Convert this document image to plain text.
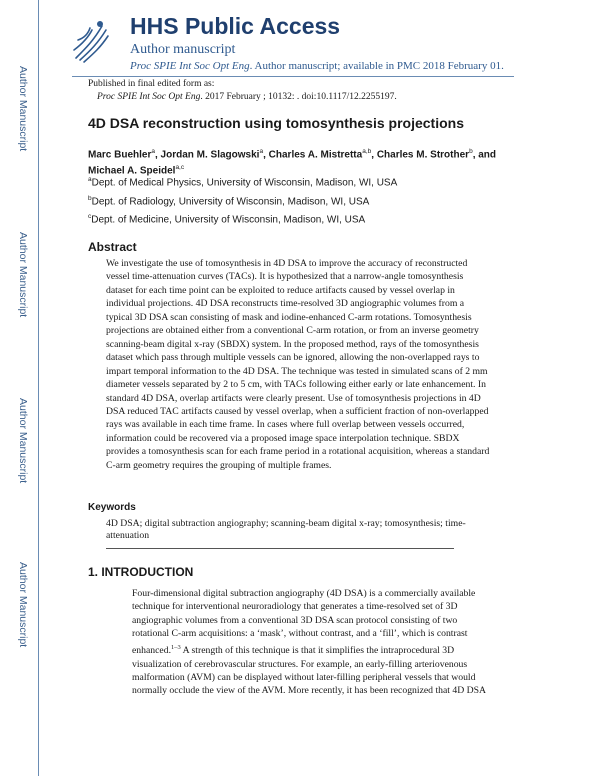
Author Manuscript
Author Manuscript
Author Manuscript
Author Manuscript
HHS Public Access
Author manuscript
Proc SPIE Int Soc Opt Eng. Author manuscript; available in PMC 2018 February 01.
Published in final edited form as:
Proc SPIE Int Soc Opt Eng. 2017 February ; 10132: . doi:10.1117/12.2255197.
4D DSA reconstruction using tomosynthesis projections
Marc Buehler$^a$, Jordan M. Slagowski$^a$, Charles A. Mistretta$^{a,b}$, Charles M. Strother$^b$, and Michael A. Speidel$^{a,c}$
$^a$Dept. of Medical Physics, University of Wisconsin, Madison, WI, USA
$^b$Dept. of Radiology, University of Wisconsin, Madison, WI, USA
$^c$Dept. of Medicine, University of Wisconsin, Madison, WI, USA
Abstract

We investigate the use of tomosynthesis in 4D DSA to improve the accuracy of reconstructed
vessel time-attenuation curves (TACs). It is hypothesized that a narrow-angle tomosynthesis
dataset for each time point can be exploited to reduce artifacts caused by vessel overlap in
individual projections. 4D DSA reconstructs time-resolved 3D angiographic volumes from a
typical 3D DSA scan consisting of mask and iodine-enhanced C-arm rotations. Tomosynthesis
projections are obtained either from a conventional C-arm rotation, or from an inverse geometry
scanning-beam digital x-ray (SBDX) system. In the proposed method, rays of the tomosynthesis
dataset which pass through multiple vessels can be ignored, allowing the non-overlapped rays to
impart temporal information to the 4D DSA. The technique was tested in simulated scans of 2 mm
diameter vessels separated by 2 to 5 cm, with TACs following either early or late enhancement. In
standard 4D DSA, overlap artifacts were clearly present. Use of tomosynthesis projections in 4D
DSA reduced TAC artifacts caused by vessel overlap, when a sufficient fraction of non-overlapped
rays was available in each time frame. In cases where full overlap between vessels occurred,
information could be recovered via a proposed image space interpolation technique. SBDX
provides a tomosynthesis scan for each frame period in a rotational acquisition, whereas a standard
C-arm geometry requires the grouping of multiple frames.

Keywords
4D DSA; digital subtraction angiography; scanning-beam digital x-ray; tomosynthesis; time-
attenuation
1. INTRODUCTION

Four-dimensional digital subtraction angiography (4D DSA) is a commercially available
technique for interventional neuroradiology that generates a time-resolved set of 3D
angiographic volumes from a conventional 3D DSA scan protocol consisting of two
rotational C-arm acquisitions: a ‘mask’, without contrast, and a ‘fill’, which is contrast
enhanced.$^{1-3}$ A strength of this technique is that it simplifies the intraprocedural 3D
visualization of cerebrovascular structures. For example, an early-filling arteriovenous
malformation (AVM) can be displayed without later-filling peripheral vessels that would
normally occlude the view of the AVM. More recently, it has been recognized that 4D DSA
